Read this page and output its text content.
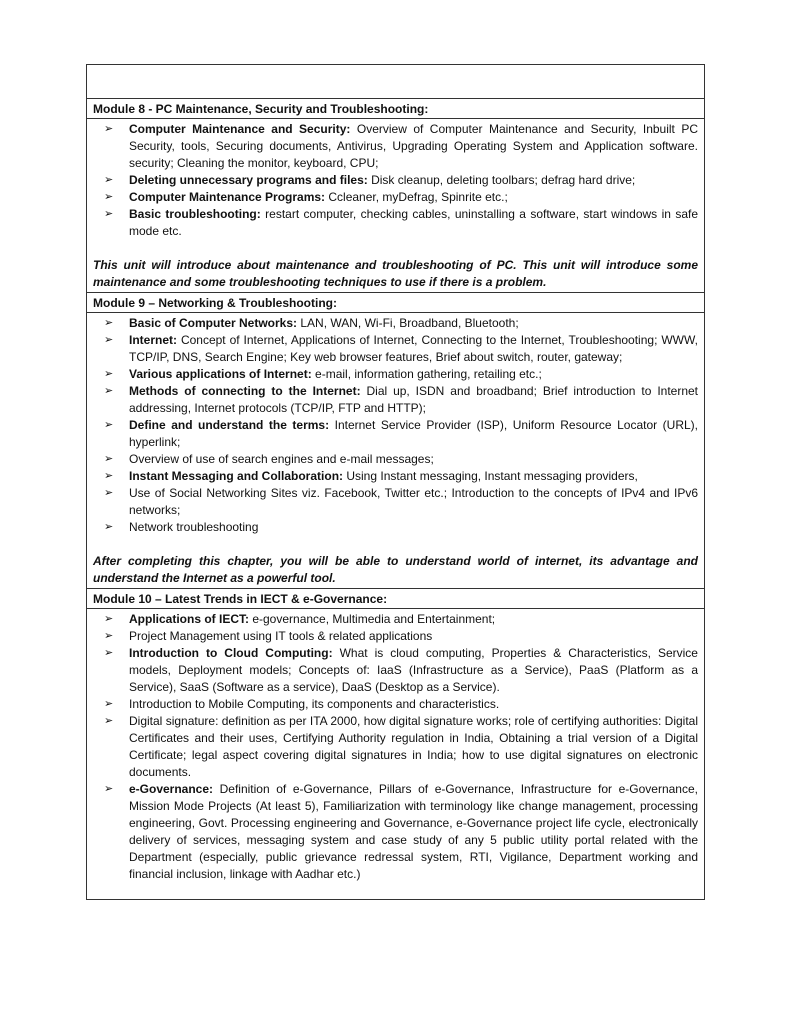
Module 8 - PC Maintenance, Security and Troubleshooting:
➢ Computer Maintenance and Security: Overview of Computer Maintenance and Security, Inbuilt PC Security, tools, Securing documents, Antivirus, Upgrading Operating System and Application software. security; Cleaning the monitor, keyboard, CPU;
➢ Deleting unnecessary programs and files: Disk cleanup, deleting toolbars; defrag hard drive;
➢ Computer Maintenance Programs: Ccleaner, myDefrag, Spinrite etc.;
➢ Basic troubleshooting: restart computer, checking cables, uninstalling a software, start windows in safe mode etc.
This unit will introduce about maintenance and troubleshooting of PC. This unit will introduce some maintenance and some troubleshooting techniques to use if there is a problem.
Module 9 – Networking & Troubleshooting:
➢ Basic of Computer Networks: LAN, WAN, Wi-Fi, Broadband, Bluetooth;
➢ Internet: Concept of Internet, Applications of Internet, Connecting to the Internet, Troubleshooting; WWW, TCP/IP, DNS, Search Engine; Key web browser features, Brief about switch, router, gateway;
➢ Various applications of Internet: e-mail, information gathering, retailing etc.;
➢ Methods of connecting to the Internet: Dial up, ISDN and broadband; Brief introduction to Internet addressing, Internet protocols (TCP/IP, FTP and HTTP);
➢ Define and understand the terms: Internet Service Provider (ISP), Uniform Resource Locator (URL), hyperlink;
➢ Overview of use of search engines and e-mail messages;
➢ Instant Messaging and Collaboration: Using Instant messaging, Instant messaging providers,
➢ Use of Social Networking Sites viz. Facebook, Twitter etc.; Introduction to the concepts of IPv4 and IPv6 networks;
➢ Network troubleshooting
After completing this chapter, you will be able to understand world of internet, its advantage and understand the Internet as a powerful tool.
Module 10 – Latest Trends in IECT & e-Governance:
➢ Applications of IECT: e-governance, Multimedia and Entertainment;
➢ Project Management using IT tools & related applications
➢ Introduction to Cloud Computing: What is cloud computing, Properties & Characteristics, Service models, Deployment models; Concepts of: IaaS (Infrastructure as a Service), PaaS (Platform as a Service), SaaS (Software as a service), DaaS (Desktop as a Service).
➢ Introduction to Mobile Computing, its components and characteristics.
➢ Digital signature: definition as per ITA 2000, how digital signature works; role of certifying authorities: Digital Certificates and their uses, Certifying Authority regulation in India, Obtaining a trial version of a Digital Certificate; legal aspect covering digital signatures in India; how to use digital signatures on electronic documents.
➢ e-Governance: Definition of e-Governance, Pillars of e-Governance, Infrastructure for e-Governance, Mission Mode Projects (At least 5), Familiarization with terminology like change management, processing engineering, Govt. Processing engineering and Governance, e-Governance project life cycle, electronically delivery of services, messaging system and case study of any 5 public utility portal related with the Department (especially, public grievance redressal system, RTI, Vigilance, Department working and financial inclusion, linkage with Aadhar etc.)
